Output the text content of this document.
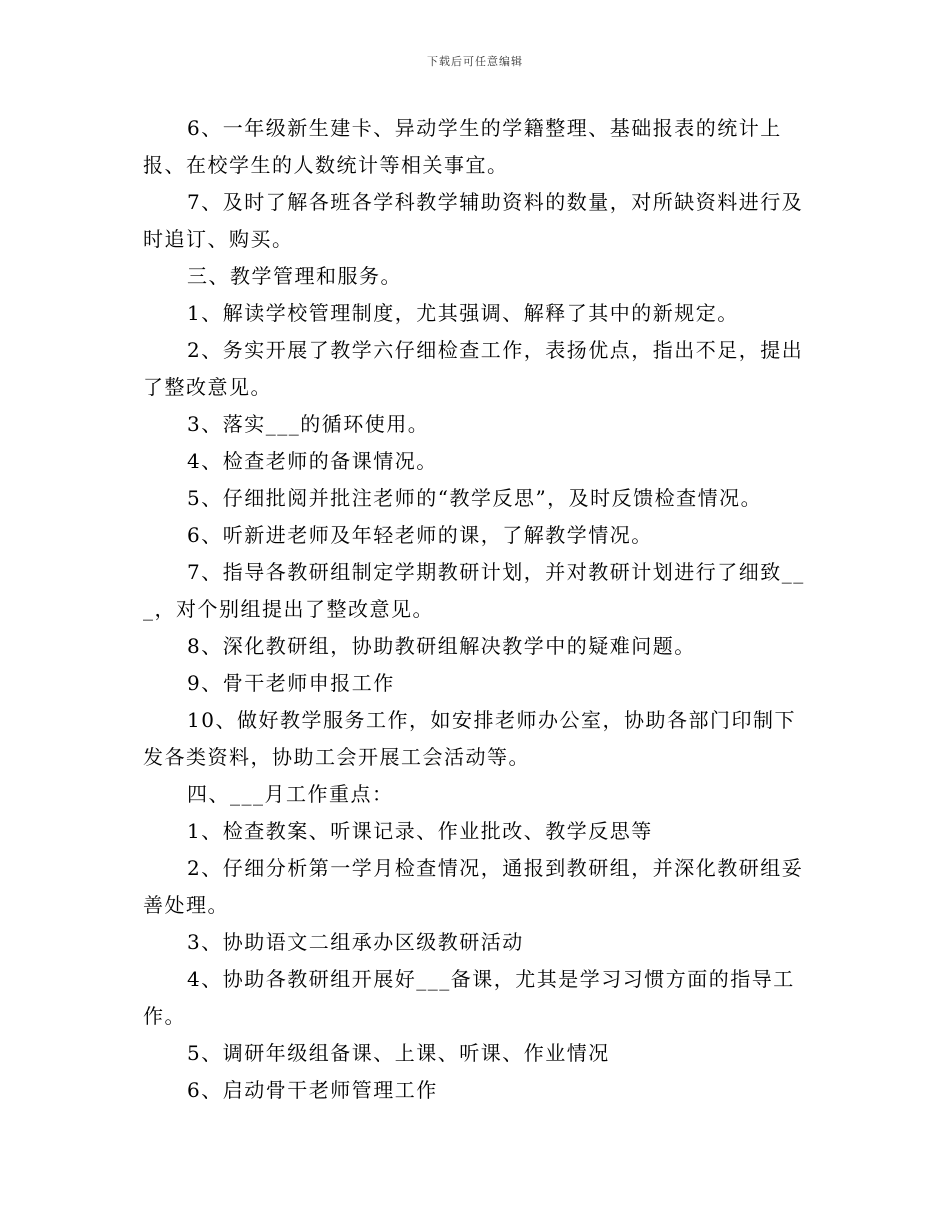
下载后可任意编辑

6、一年级新生建卡、异动学生的学籍整理、基础报表的统计上报、在校学生的人数统计等相关事宜。

7、及时了解各班各学科教学辅助资料的数量，对所缺资料进行及时追订、购买。

三、教学管理和服务。

1、解读学校管理制度，尤其强调、解释了其中的新规定。

2、务实开展了教学六仔细检查工作，表扬优点，指出不足，提出了整改意见。

3、落实___的循环使用。

4、检查老师的备课情况。

5、仔细批阅并批注老师的“教学反思”，及时反馈检查情况。

6、听新进老师及年轻老师的课，了解教学情况。

7、指导各教研组制定学期教研计划，并对教研计划进行了细致___，对个别组提出了整改意见。

8、深化教研组，协助教研组解决教学中的疑难问题。

9、骨干老师申报工作

10、做好教学服务工作，如安排老师办公室，协助各部门印制下发各类资料，协助工会开展工会活动等。

四、___月工作重点：

1、检查教案、听课记录、作业批改、教学反思等

2、仔细分析第一学月检查情况，通报到教研组，并深化教研组妥善处理。

3、协助语文二组承办区级教研活动

4、协助各教研组开展好___备课，尤其是学习习惯方面的指导工作。

5、调研年级组备课、上课、听课、作业情况

6、启动骨干老师管理工作
